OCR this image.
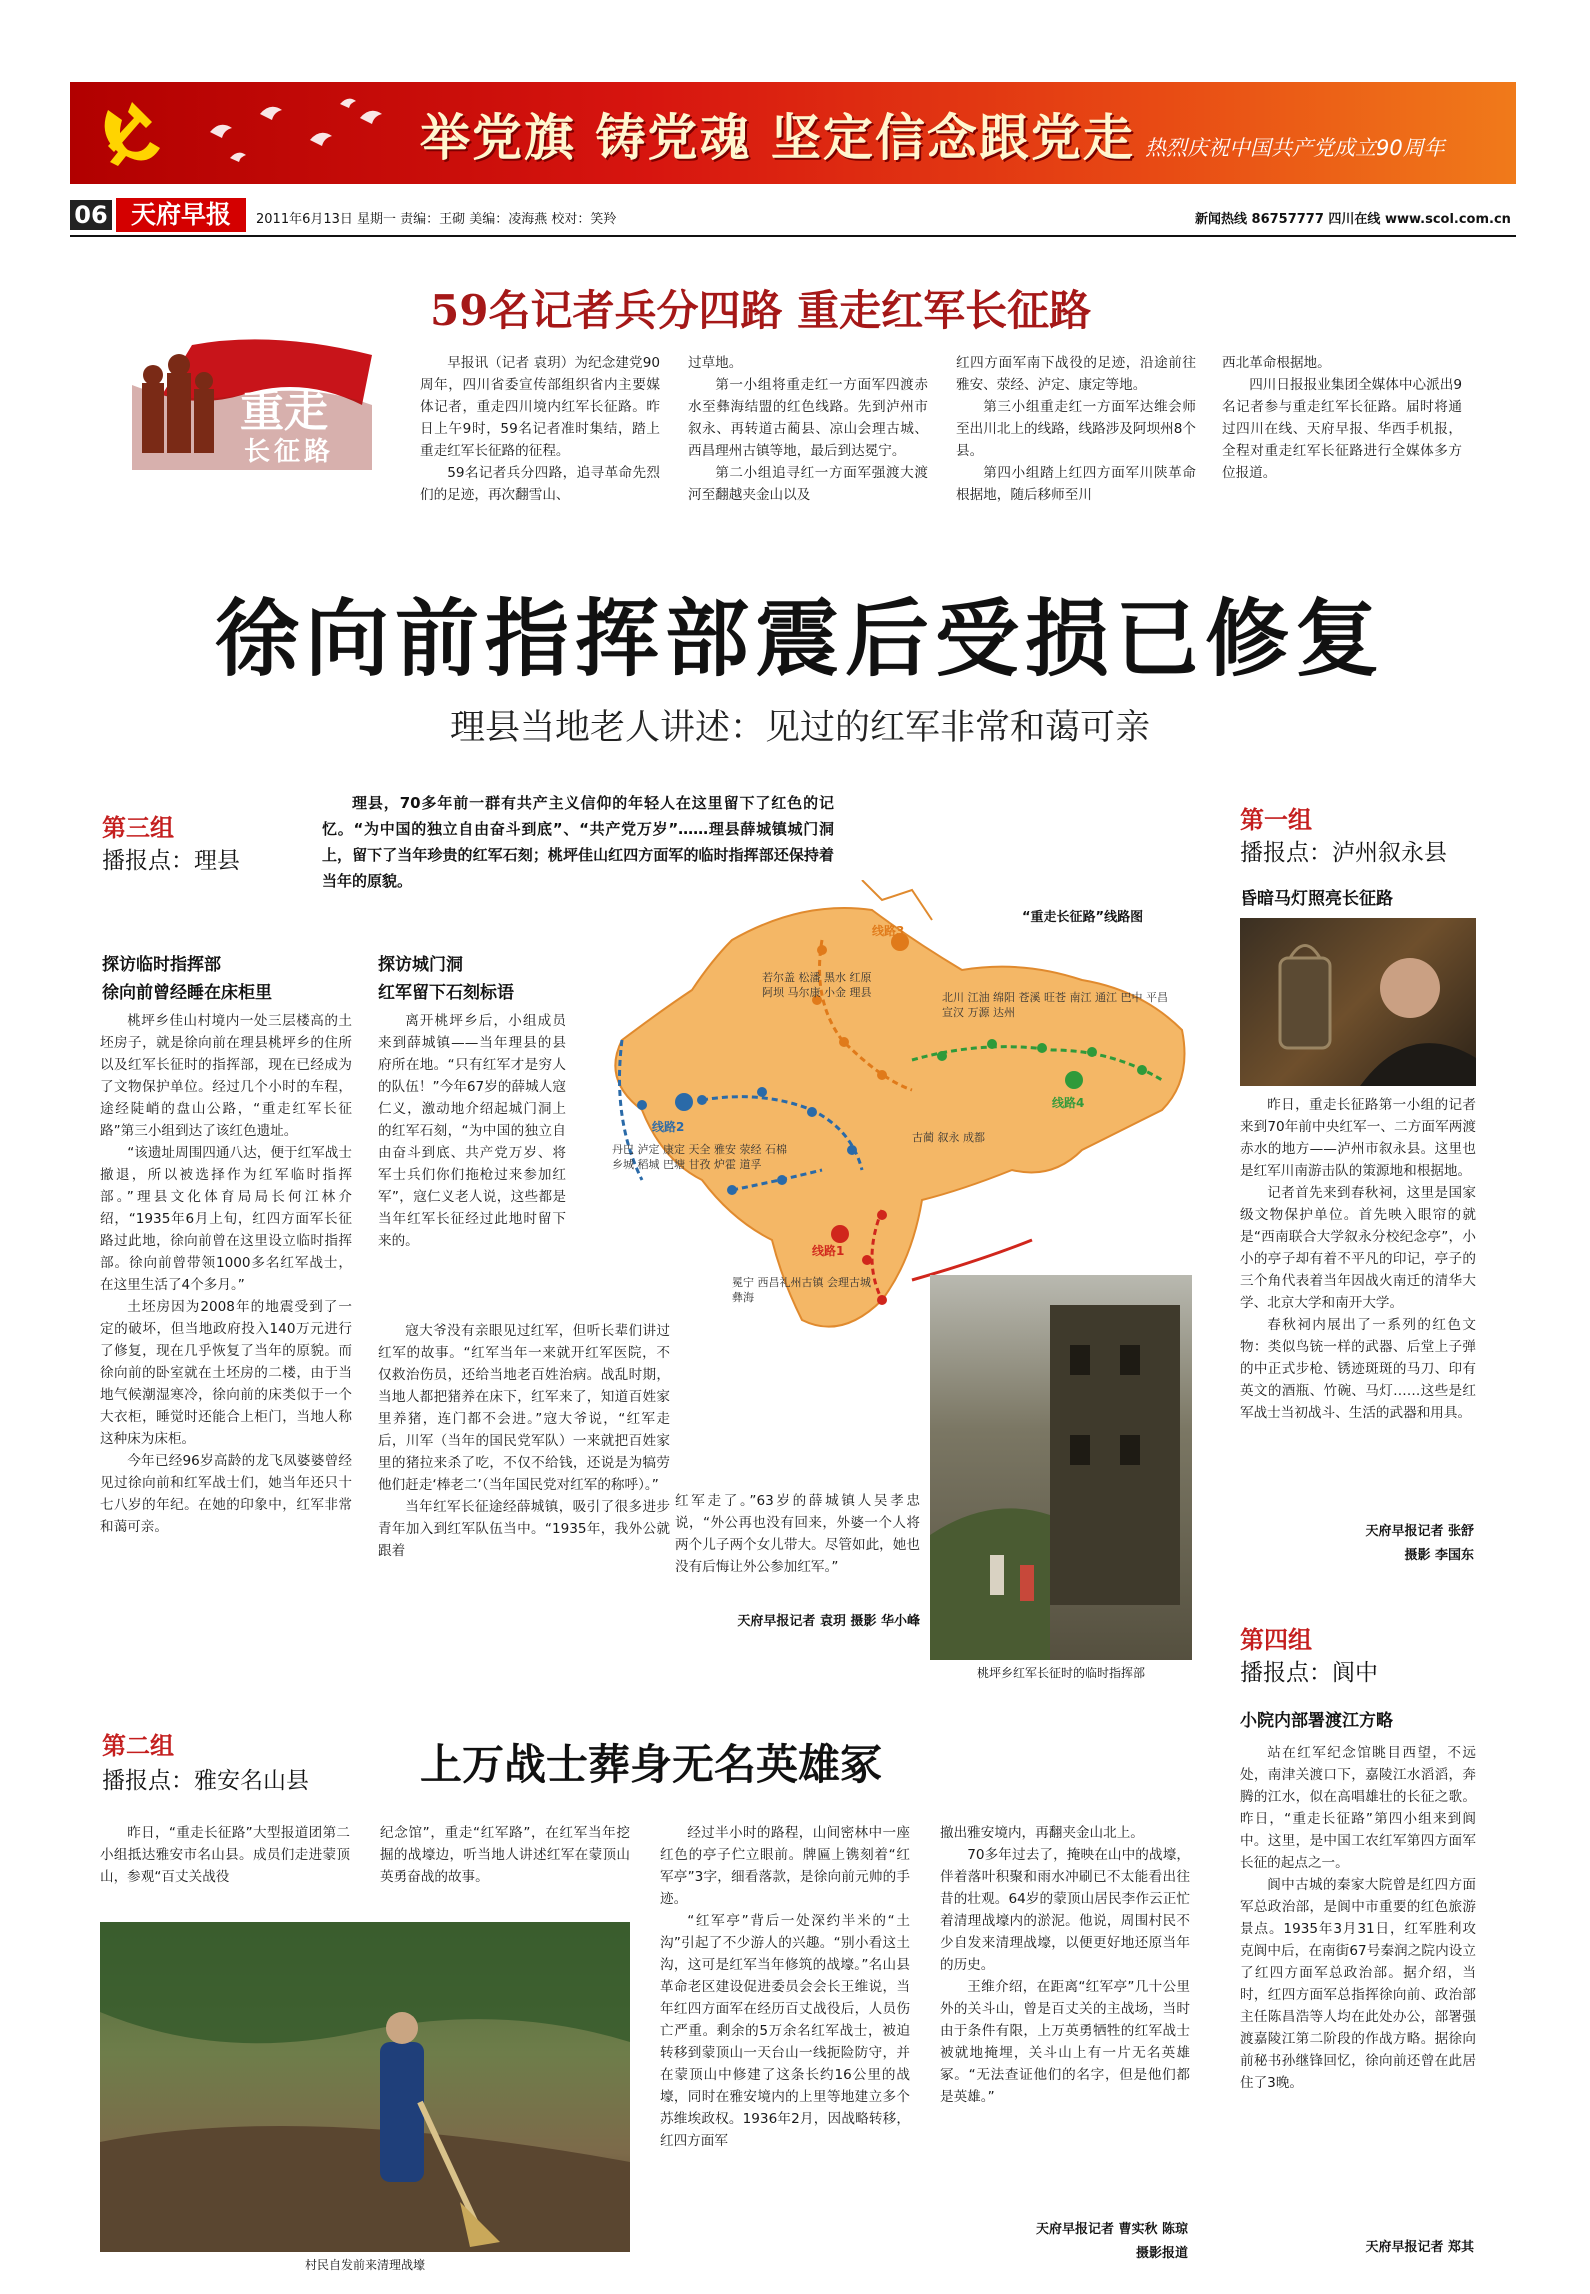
举党旗 铸党魂 坚定信念跟党走 热烈庆祝中国共产党成立90周年
06 天府早报	2011年6月13日 星期一 责编：王砌 美编：凌海燕 校对：笑羚	新闻热线 86757777 四川在线 www.scol.com.cn
重走
长征路
59名记者兵分四路 重走红军长征路

早报讯（记者 袁玥）为纪念建党90周年，四川省委宣传部组织省内主要媒体记者，重走四川境内红军长征路。昨日上午9时，59名记者准时集结，踏上重走红军长征路的征程。

59名记者兵分四路，追寻革命先烈们的足迹，再次翻雪山、

过草地。

第一小组将重走红一方面军四渡赤水至彝海结盟的红色线路。先到泸州市叙永、再转道古蔺县、凉山会理古城、西昌理州古镇等地，最后到达冕宁。

第二小组追寻红一方面军强渡大渡河至翻越夹金山以及

红四方面军南下战役的足迹，沿途前往雅安、荥经、泸定、康定等地。

第三小组重走红一方面军达维会师至出川北上的线路，线路涉及阿坝州8个县。

第四小组踏上红四方面军川陕革命根据地，随后移师至川

西北革命根据地。

四川日报报业集团全媒体中心派出9名记者参与重走红军长征路。届时将通过四川在线、天府早报、华西手机报，全程对重走红军长征路进行全媒体多方位报道。

徐向前指挥部震后受损已修复
理县当地老人讲述：见过的红军非常和蔼可亲
第三组
播报点：理县
理县，70多年前一群有共产主义信仰的年轻人在这里留下了红色的记忆。“为中国的独立自由奋斗到底”、“共产党万岁”……理县薛城镇城门洞上，留下了当年珍贵的红军石刻；桃坪佳山红四方面军的临时指挥部还保持着当年的原貌。
探访临时指挥部
徐向前曾经睡在床柜里

桃坪乡佳山村境内一处三层楼高的土坯房子，就是徐向前在理县桃坪乡的住所以及红军长征时的指挥部，现在已经成为了文物保护单位。经过几个小时的车程，途经陡峭的盘山公路，“重走红军长征路”第三小组到达了该红色遗址。

“该遗址周围四通八达，便于红军战士撤退，所以被选择作为红军临时指挥部。”理县文化体育局局长何江林介绍，“1935年6月上旬，红四方面军长征路过此地，徐向前曾在这里设立临时指挥部。徐向前曾带领1000多名红军战士，在这里生活了4个多月。”

土坯房因为2008年的地震受到了一定的破坏，但当地政府投入140万元进行了修复，现在几乎恢复了当年的原貌。而徐向前的卧室就在土坯房的二楼，由于当地气候潮湿寒冷，徐向前的床类似于一个大衣柜，睡觉时还能合上柜门，当地人称这种床为床柜。

今年已经96岁高龄的龙飞凤婆婆曾经见过徐向前和红军战士们，她当年还只十七八岁的年纪。在她的印象中，红军非常和蔼可亲。

探访城门洞
红军留下石刻标语

离开桃坪乡后，小组成员来到薛城镇——当年理县的县府所在地。“只有红军才是穷人的队伍！”今年67岁的薛城人寇仁义，激动地介绍起城门洞上的红军石刻，“为中国的独立自由奋斗到底、共产党万岁、将军士兵们你们拖枪过来参加红军”，寇仁义老人说，这些都是当年红军长征经过此地时留下来的。

寇大爷没有亲眼见过红军，但听长辈们讲过红军的故事。“红军当年一来就开红军医院，不仅救治伤员，还给当地老百姓治病。战乱时期，当地人都把猪养在床下，红军来了，知道百姓家里养猪，连门都不会进。”寇大爷说，“红军走后，川军（当年的国民党军队）一来就把百姓家里的猪拉来杀了吃，不仅不给钱，还说是为犒劳他们赶走‘棒老二’（当年国民党对红军的称呼）。”

当年红军长征途经薛城镇，吸引了很多进步青年加入到红军队伍当中。“1935年，我外公就跟着

红军走了。”63岁的薛城镇人吴孝忠说，“外公再也没有回来，外婆一个人将两个儿子两个女儿带大。尽管如此，她也没有后悔让外公参加红军。”

天府早报记者 袁玥 摄影 华小峰
“重走长征路”线路图
线路2
线路3
线路4
线路1
冕宁 西昌礼州古镇 会理古城 彝海
丹巴 泸定 康定 天全 雅安 荥经 石棉 乡城 稻城 巴塘 甘孜 炉霍 道孚
若尔盖 松潘 黑水 红原 阿坝 马尔康 小金 理县	北川 江油 绵阳 苍溪 旺苍 南江 通江 巴中 平昌 宣汉 万源 达州
古蔺 叙永 成都
桃坪乡红军长征时的临时指挥部
第一组
播报点：泸州叙永县
昏暗马灯照亮长征路

昨日，重走长征路第一小组的记者来到70年前中央红军一、二方面军两渡赤水的地方——泸州市叙永县。这里也是红军川南游击队的策源地和根据地。

记者首先来到春秋祠，这里是国家级文物保护单位。首先映入眼帘的就是“西南联合大学叙永分校纪念亭”，小小的亭子却有着不平凡的印记，亭子的三个角代表着当年因战火南迁的清华大学、北京大学和南开大学。

春秋祠内展出了一系列的红色文物：类似鸟铳一样的武器、后堂上子弹的中正式步枪、锈迹斑斑的马刀、印有英文的酒瓶、竹碗、马灯……这些是红军战士当初战斗、生活的武器和用具。

天府早报记者 张舒
摄影 李国东
第四组
播报点：阆中
小院内部署渡江方略

站在红军纪念馆眺目西望，不远处，南津关渡口下，嘉陵江水滔滔，奔腾的江水，似在高唱雄壮的长征之歌。昨日，“重走长征路”第四小组来到阆中。这里，是中国工农红军第四方面军长征的起点之一。

阆中古城的秦家大院曾是红四方面军总政治部，是阆中市重要的红色旅游景点。1935年3月31日，红军胜利攻克阆中后，在南街67号秦润之院内设立了红四方面军总政治部。据介绍，当时，红四方面军总指挥徐向前、政治部主任陈昌浩等人均在此处办公，部署强渡嘉陵江第二阶段的作战方略。据徐向前秘书孙继锋回忆，徐向前还曾在此居住了3晚。

天府早报记者 郑其
第二组
播报点：雅安名山县	上万战士葬身无名英雄冢

昨日，“重走长征路”大型报道团第二小组抵达雅安市名山县。成员们走进蒙顶山，参观“百丈关战役

纪念馆”，重走“红军路”，在红军当年挖掘的战壕边，听当地人讲述红军在蒙顶山英勇奋战的故事。

村民自发前来清理战壕

经过半小时的路程，山间密林中一座红色的亭子伫立眼前。牌匾上镌刻着“红军亭”3字，细看落款，是徐向前元帅的手迹。

“红军亭”背后一处深约半米的“土沟”引起了不少游人的兴趣。“别小看这土沟，这可是红军当年修筑的战壕。”名山县革命老区建设促进委员会会长王维说，当年红四方面军在经历百丈战役后，人员伤亡严重。剩余的5万余名红军战士，被迫转移到蒙顶山一天台山一线扼险防守，并在蒙顶山中修建了这条长约16公里的战壕，同时在雅安境内的上里等地建立多个苏维埃政权。1936年2月，因战略转移，红四方面军

撤出雅安境内，再翻夹金山北上。

70多年过去了，掩映在山中的战壕，伴着落叶积聚和雨水冲刷已不太能看出往昔的壮观。64岁的蒙顶山居民李作云正忙着清理战壕内的淤泥。他说，周围村民不少自发来清理战壕，以便更好地还原当年的历史。

王维介绍，在距离“红军亭”几十公里外的关斗山，曾是百丈关的主战场，当时由于条件有限，上万英勇牺牲的红军战士被就地掩埋，关斗山上有一片无名英雄冢。“无法查证他们的名字，但是他们都是英雄。”

天府早报记者 曹实秋 陈琼
摄影报道
